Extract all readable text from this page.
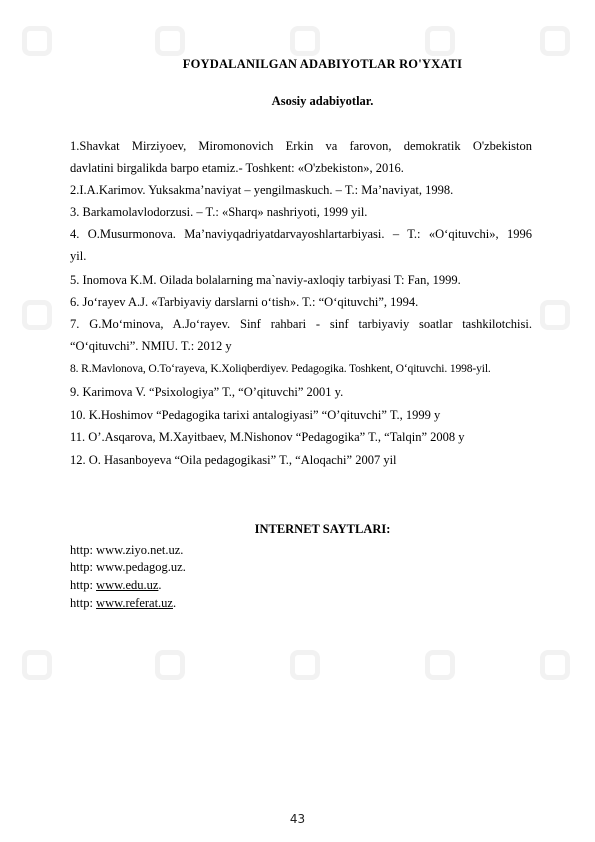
FOYDALANILGAN ADABIYOTLAR RO'YXATI
Asosiy adabiyotlar.
1.Shavkat Mirziyoev, Miromonovich Erkin va farovon, demokratik O'zbekiston
davlatini birgalikda barpo etamiz.- Toshkent: «O'zbekiston», 2016.
2.I.A.Karimov. Yuksakma’naviyat – yengilmaskuch. – T.: Ma’naviyat, 1998.
3. Barkamolavlodorzusi. – T.: «Sharq» nashriyoti, 1999 yil.
4. O.Musurmonova. Ma’naviyqadriyatdarvayoshlartarbiyasi. – T.: «O‘qituvchi», 1996
yil.
5. Inomova K.M. Oilada bolalarning ma`naviy-axloqiy tarbiyasi T: Fan, 1999.
6. Jo‘rayev A.J. «Tarbiyaviy darslarni o‘tish». T.: “O‘qituvchi”, 1994.
7. G.Mo‘minova, A.Jo‘rayev. Sinf rahbari - sinf tarbiyaviy soatlar tashkilotchisi.
“O‘qituvchi”. NMIU. T.: 2012 y
8. R.Mavlonova, O.To‘rayeva, K.Xoliqberdiyev. Pedagogika. Toshkent, O‘qituvchi. 1998-yil.
9. Karimova V. “Psixologiya” T., “O’qituvchi” 2001 y.
10. K.Hoshimov “Pedagogika tarixi antalogiyasi” “O’qituvchi” T., 1999 y
11. O’.Asqarova, M.Xayitbaev, M.Nishonov “Pedagogika” T., “Talqin” 2008 y
12. O. Hasanboyeva “Oila pedagogikasi” T., “Aloqachi” 2007 yil
INTERNET SAYTLARI:
http: www.ziyo.net.uz.
http: www.pedagog.uz.
http: www.edu.uz.
http: www.referat.uz.
43
